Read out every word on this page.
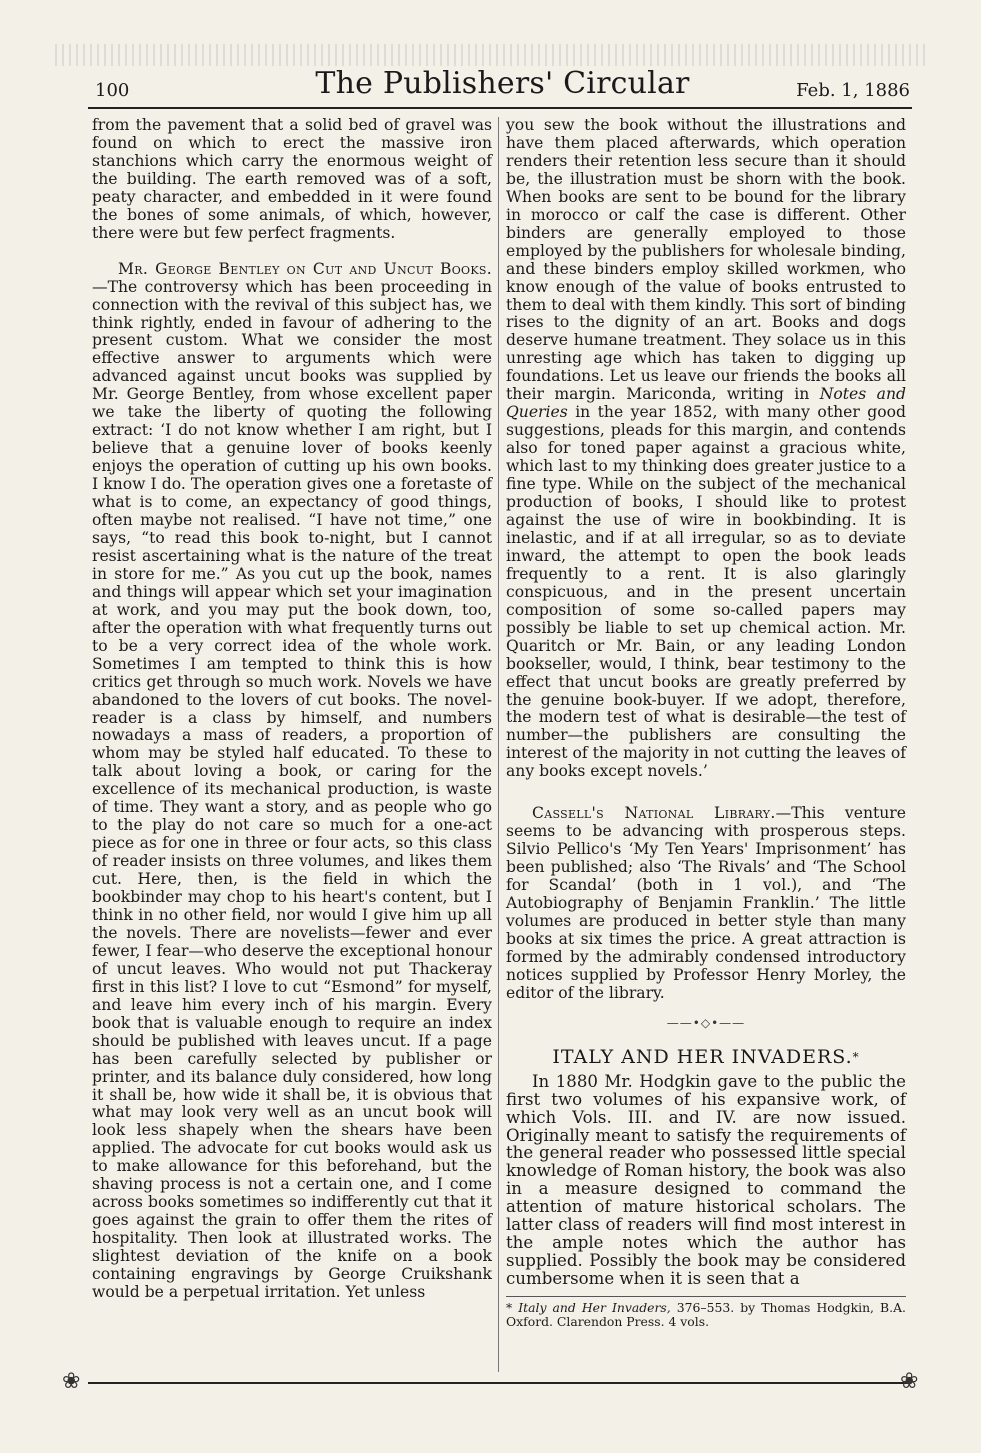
100	The Publishers' Circular	Feb. 1, 1886

from the pavement that a solid bed of gravel was found on which to erect the massive iron stanchions which carry the enormous weight of the building. The earth removed was of a soft, peaty character, and embedded in it were found the bones of some animals, of which, however, there were but few perfect fragments.

Mr. George Bentley on Cut and Uncut Books.—The controversy which has been proceeding in connection with the revival of this subject has, we think rightly, ended in favour of adhering to the present custom. What we consider the most effective answer to arguments which were advanced against uncut books was supplied by Mr. George Bentley, from whose excellent paper we take the liberty of quoting the following extract: ‘I do not know whether I am right, but I believe that a genuine lover of books keenly enjoys the operation of cutting up his own books. I know I do. The operation gives one a foretaste of what is to come, an expectancy of good things, often maybe not realised. “I have not time,” one says, “to read this book to-night, but I cannot resist ascertaining what is the nature of the treat in store for me.” As you cut up the book, names and things will appear which set your imagination at work, and you may put the book down, too, after the operation with what frequently turns out to be a very correct idea of the whole work. Sometimes I am tempted to think this is how critics get through so much work. Novels we have abandoned to the lovers of cut books. The novel-reader is a class by himself, and numbers nowadays a mass of readers, a proportion of whom may be styled half educated. To these to talk about loving a book, or caring for the excellence of its mechanical production, is waste of time. They want a story, and as people who go to the play do not care so much for a one-act piece as for one in three or four acts, so this class of reader insists on three volumes, and likes them cut. Here, then, is the field in which the bookbinder may chop to his heart's content, but I think in no other field, nor would I give him up all the novels. There are novelists—fewer and ever fewer, I fear—who deserve the exceptional honour of uncut leaves. Who would not put Thackeray first in this list? I love to cut “Esmond” for myself, and leave him every inch of his margin. Every book that is valuable enough to require an index should be published with leaves uncut. If a page has been carefully selected by publisher or printer, and its balance duly considered, how long it shall be, how wide it shall be, it is obvious that what may look very well as an uncut book will look less shapely when the shears have been applied. The advocate for cut books would ask us to make allowance for this beforehand, but the shaving process is not a certain one, and I come across books sometimes so indifferently cut that it goes against the grain to offer them the rites of hospitality. Then look at illustrated works. The slightest deviation of the knife on a book containing engravings by George Cruikshank would be a perpetual irritation. Yet unless

you sew the book without the illustrations and have them placed afterwards, which operation renders their retention less secure than it should be, the illustration must be shorn with the book. When books are sent to be bound for the library in morocco or calf the case is different. Other binders are generally employed to those employed by the publishers for wholesale binding, and these binders employ skilled workmen, who know enough of the value of books entrusted to them to deal with them kindly. This sort of binding rises to the dignity of an art. Books and dogs deserve humane treatment. They solace us in this unresting age which has taken to digging up foundations. Let us leave our friends the books all their margin. Mariconda, writing in Notes and Queries in the year 1852, with many other good suggestions, pleads for this margin, and contends also for toned paper against a gracious white, which last to my thinking does greater justice to a fine type. While on the subject of the mechanical production of books, I should like to protest against the use of wire in bookbinding. It is inelastic, and if at all irregular, so as to deviate inward, the attempt to open the book leads frequently to a rent. It is also glaringly conspicuous, and in the present uncertain composition of some so-called papers may possibly be liable to set up chemical action. Mr. Quaritch or Mr. Bain, or any leading London bookseller, would, I think, bear testimony to the effect that uncut books are greatly preferred by the genuine book-buyer. If we adopt, therefore, the modern test of what is desirable—the test of number—the publishers are consulting the interest of the majority in not cutting the leaves of any books except novels.’

Cassell's National Library.—This venture seems to be advancing with prosperous steps. Silvio Pellico's ‘My Ten Years' Imprisonment’ has been published; also ‘The Rivals’ and ‘The School for Scandal’ (both in 1 vol.), and ‘The Autobiography of Benjamin Franklin.’ The little volumes are produced in better style than many books at six times the price. A great attraction is formed by the admirably condensed introductory notices supplied by Professor Henry Morley, the editor of the library.

——•◇•——
ITALY AND HER INVADERS.*

In 1880 Mr. Hodgkin gave to the public the first two volumes of his expansive work, of which Vols. III. and IV. are now issued. Originally meant to satisfy the requirements of the general reader who possessed little special knowledge of Roman history, the book was also in a measure designed to command the attention of mature historical scholars. The latter class of readers will find most interest in the ample notes which the author has supplied. Possibly the book may be considered cumbersome when it is seen that a

* Italy and Her Invaders, 376–553. by Thomas Hodgkin, B.A. Oxford. Clarendon Press. 4 vols.

❀	❀
